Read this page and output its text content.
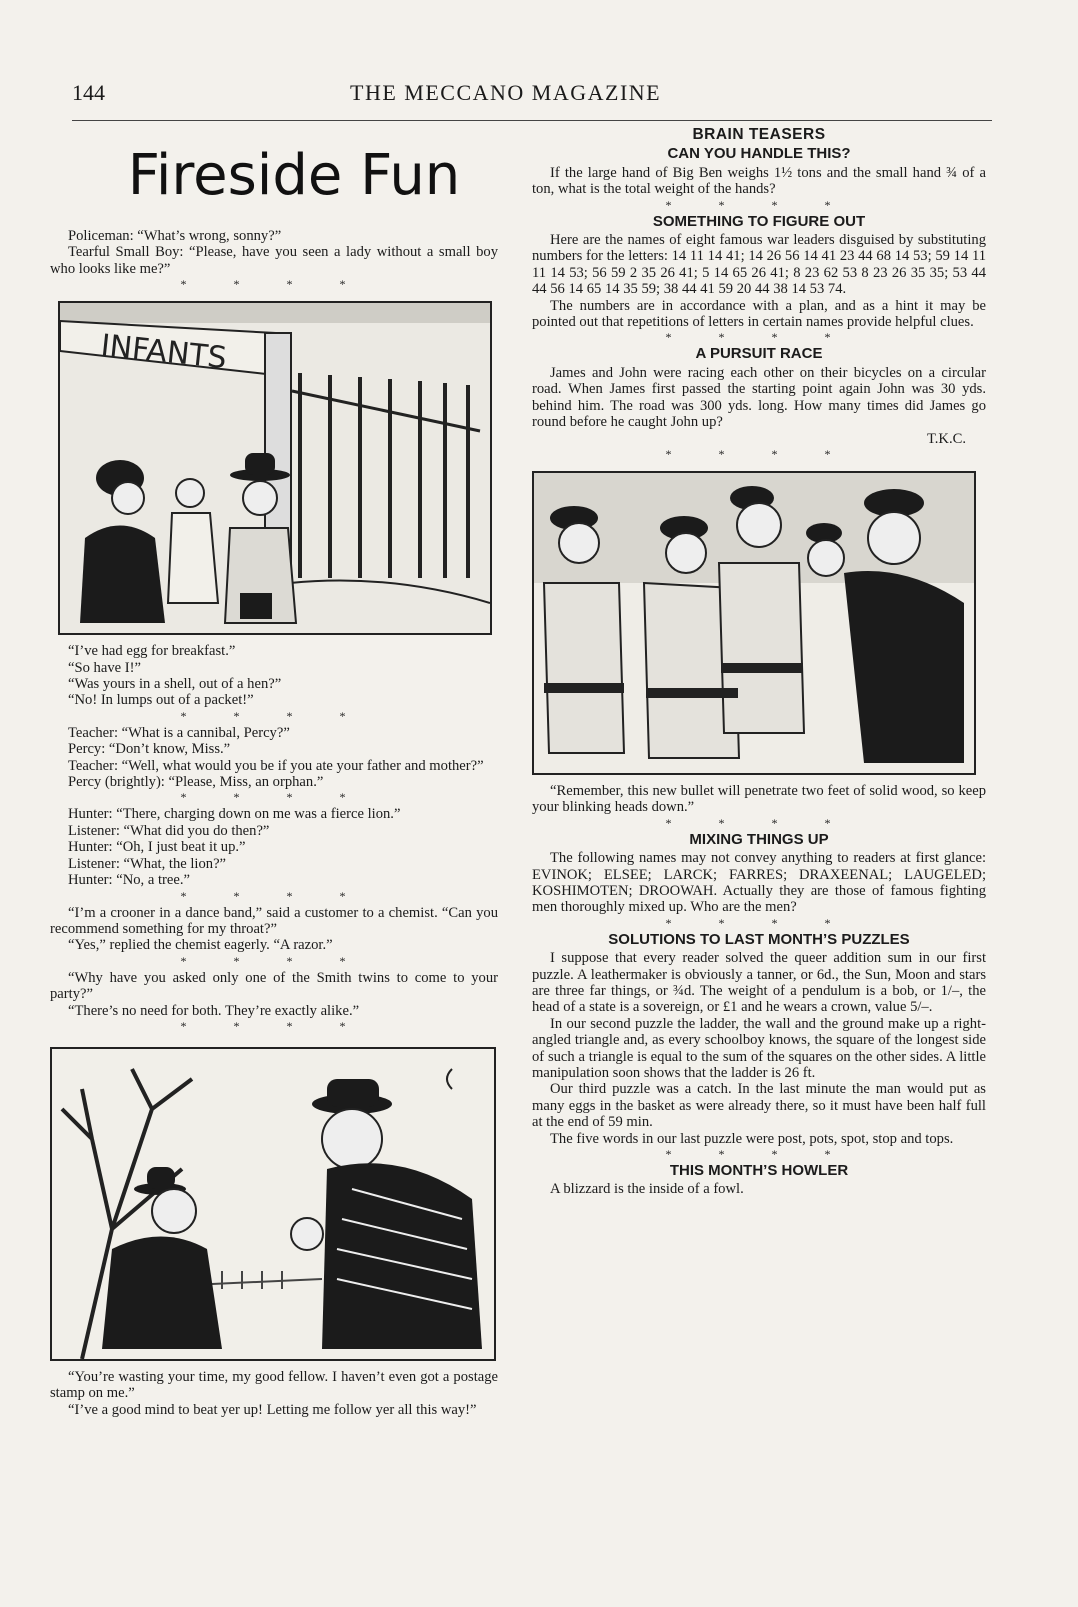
144	THE MECCANO MAGAZINE
Fireside Fun

Policeman: “What’s wrong, sonny?”

Tearful Small Boy: “Please, have you seen a lady without a small boy who looks like me?”

* * * *
INFANTS

“I’ve had egg for breakfast.”

“So have I!”

“Was yours in a shell, out of a hen?”

“No! In lumps out of a packet!”

* * * *

Teacher: “What is a cannibal, Percy?”

Percy: “Don’t know, Miss.”

Teacher: “Well, what would you be if you ate your father and mother?”

Percy (brightly): “Please, Miss, an orphan.”

* * * *

Hunter: “There, charging down on me was a fierce lion.”

Listener: “What did you do then?”

Hunter: “Oh, I just beat it up.”

Listener: “What, the lion?”

Hunter: “No, a tree.”

* * * *

“I’m a crooner in a dance band,” said a customer to a chemist. “Can you recommend something for my throat?”

“Yes,” replied the chemist eagerly. “A razor.”

* * * *

“Why have you asked only one of the Smith twins to come to your party?”

“There’s no need for both. They’re exactly alike.”

* * * *

“You’re wasting your time, my good fellow. I haven’t even got a postage stamp on me.”

“I’ve a good mind to beat yer up! Letting me follow yer all this way!”

BRAIN TEASERS
CAN YOU HANDLE THIS?

If the large hand of Big Ben weighs 1½ tons and the small hand ¾ of a ton, what is the total weight of the hands?

* * * *
SOMETHING TO FIGURE OUT

Here are the names of eight famous war leaders disguised by substituting numbers for the letters: 14 11 14 41; 14 26 56 14 41 23 44 68 14 53; 59 14 11 11 14 53; 56 59 2 35 26 41; 5 14 65 26 41; 8 23 62 53 8 23 26 35 35; 53 44 44 56 14 65 14 35 59; 38 44 41 59 20 44 38 14 53 74.

The numbers are in accordance with a plan, and as a hint it may be pointed out that repetitions of letters in certain names provide helpful clues.

* * * *
A PURSUIT RACE

James and John were racing each other on their bicycles on a circular road. When James first passed the starting point again John was 30 yds. behind him. The road was 300 yds. long. How many times did James go round before he caught John up?

T.K.C.
* * * *

“Remember, this new bullet will penetrate two feet of solid wood, so keep your blinking heads down.”

* * * *
MIXING THINGS UP

The following names may not convey anything to readers at first glance: EVINOK; ELSEE; LARCK; FARRES; DRAXEENAL; LAUGELED; KOSHIMOTEN; DROOWAH. Actually they are those of famous fighting men thoroughly mixed up. Who are the men?

* * * *
SOLUTIONS TO LAST MONTH’S PUZZLES

I suppose that every reader solved the queer addition sum in our first puzzle. A leathermaker is obviously a tanner, or 6d., the Sun, Moon and stars are three far things, or ¾d. The weight of a pendulum is a bob, or 1/–, the head of a state is a sovereign, or £1 and he wears a crown, value 5/–.

In our second puzzle the ladder, the wall and the ground make up a right-angled triangle and, as every schoolboy knows, the square of the longest side of such a triangle is equal to the sum of the squares on the other sides. A little manipulation soon shows that the ladder is 26 ft.

Our third puzzle was a catch. In the last minute the man would put as many eggs in the basket as were already there, so it must have been half full at the end of 59 min.

The five words in our last puzzle were post, pots, spot, stop and tops.

* * * *
THIS MONTH’S HOWLER

A blizzard is the inside of a fowl.
